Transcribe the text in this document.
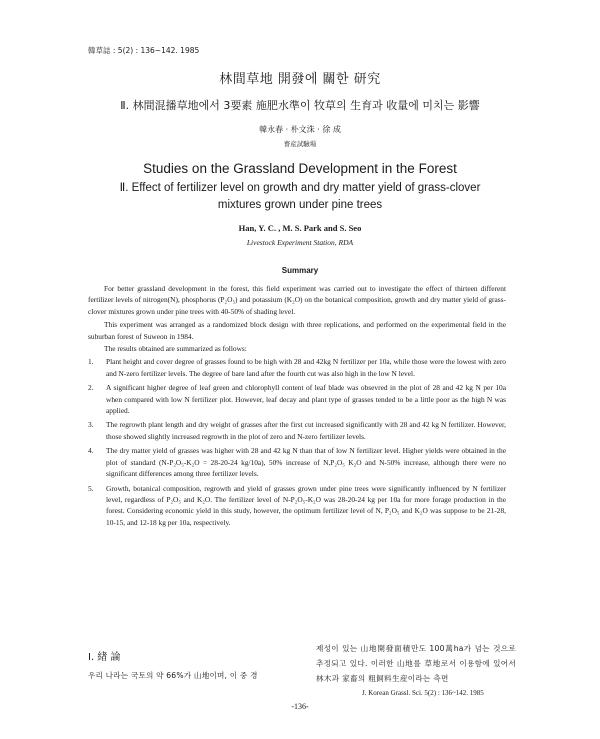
韓草誌 : 5(2) : 136~142. 1985
林間草地 開發에 關한 研究
Ⅱ. 林間混播草地에서 3要素 施肥水準이 牧草의 生育과 收量에 미치는 影響
韓永春 · 朴文洙 · 徐 成
畜産試驗場
Studies on the Grassland Development in the Forest
Ⅱ. Effect of fertilizer level on growth and dry matter yield of grass-clover
mixtures grown under pine trees
Han, Y. C. , M. S. Park and S. Seo
Livestock Experiment Station, RDA
Summary

For better grassland development in the forest, this field experiment was carried out to investigate the effect of thirteen different fertilizer levels of nitrogen(N), phosphorus (P₂O₅) and potassium (K₂O) on the botanical composition, growth and dry matter yield of grass-clover mixtures grown under pine trees with 40-50% of shading level.

This experiment was arranged as a randomized block design with three replications, and performed on the experimental field in the suburban forest of Suweon in 1984.

The results obtained are summarized as follows:

1. Plant height and cover degree of grasses found to be high with 28 and 42kg N fertilizer per 10a, while those were the lowest with zero and N-zero fertilizer levels. The degree of bare land after the fourth cut was also high in the low N level.
2. A significant higher degree of leaf green and chlorophyll content of leaf blade was obsevred in the plot of 28 and 42 kg N per 10a when compared with low N fertilizer plot. However, leaf decay and plant type of grasses tended to be a little poor as the high N was applied.
3. The regrowth plant length and dry weight of grasses after the first cut increased significantly with 28 and 42 kg N fertilizer. However, those showed slightly increased regrowth in the plot of zero and N-zero fertilizer levels.
4. The dry matter yield of grasses was higher with 28 and 42 kg N than that of low N fertilizer level. Higher yields were obtained in the plot of standard (N-P₂O₅-K₂O = 28-20-24 kg/10a), 50% increase of N,P₂O₅ K₂O and N-50% increase, although there were no significant differences among three fertilizer levels.
5. Growth, botanical composition, regrowth and yield of grasses grown under pine trees were significantly influenced by N fertilizer level, regardless of P₂O₅ and K₂O. The fertilizer level of N-P₂O₅-K₂O was 28-20-24 kg per 10a for more forage production in the forest. Considering economic yield in this study, however, the optimum fertilizer level of N, P₂O₅ and K₂O was suppose to be 21-28, 10-15, and 12-18 kg per 10a, respectively.
Ⅰ. 緖 論
우리 나라는 국토의 약 66%가 山地이며, 이 중 경
제성이 있는 山地開發面積만도 100萬ha가 넘는 것으로 추정되고 있다. 이러한 山地를 草地로서 이용함에 있어서 林木과 家畜의 粗飼料生産이라는 측면
J. Korean Grassl. Sci. 5(2) : 136~142. 1985
-136-
